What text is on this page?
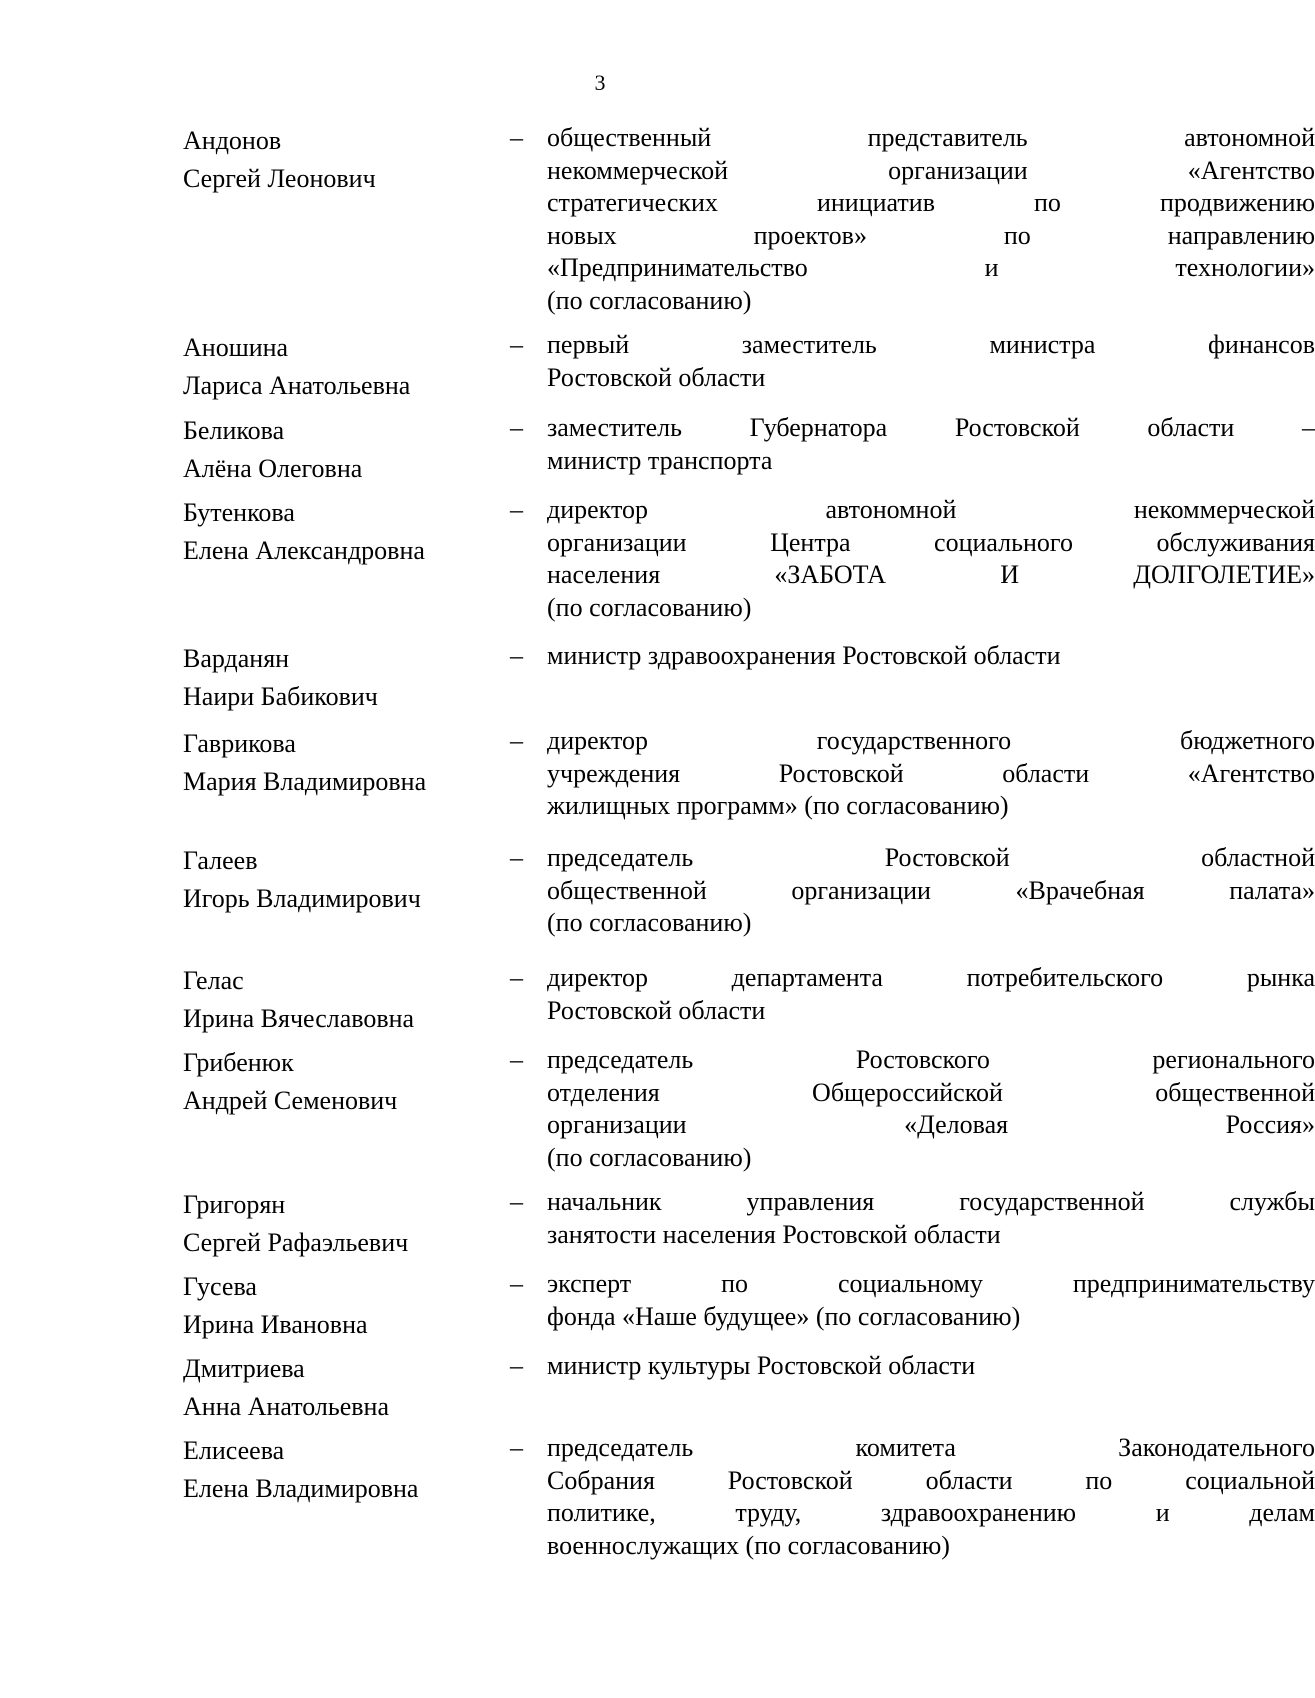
3
Андонов
Сергей Леонович
– общественный представитель автономной
некоммерческой организации «Агентство
стратегических инициатив по продвижению
новых проектов» по направлению
«Предпринимательство и технологии»
(по согласованию)
Аношина
Лариса Анатольевна
– первый заместитель министра финансов
Ростовской области
Беликова
Алёна Олеговна
– заместитель Губернатора Ростовской области –
министр транспорта
Бутенкова
Елена Александровна
– директор автономной некоммерческой
организации Центра социального обслуживания
населения «ЗАБОТА И ДОЛГОЛЕТИЕ»
(по согласованию)
Варданян
Наири Бабикович
– министр здравоохранения Ростовской области
Гаврикова
Мария Владимировна
– директор государственного бюджетного
учреждения Ростовской области «Агентство
жилищных программ» (по согласованию)
Галеев
Игорь Владимирович
– председатель Ростовской областной
общественной организации «Врачебная палата»
(по согласованию)
Гелас
Ирина Вячеславовна
– директор департамента потребительского рынка
Ростовской области
Грибенюк
Андрей Семенович
– председатель Ростовского регионального
отделения Общероссийской общественной
организации «Деловая Россия»
(по согласованию)
Григорян
Сергей Рафаэльевич
– начальник управления государственной службы
занятости населения Ростовской области
Гусева
Ирина Ивановна
– эксперт по социальному предпринимательству
фонда «Наше будущее» (по согласованию)
Дмитриева
Анна Анатольевна
– министр культуры Ростовской области
Елисеева
Елена Владимировна
– председатель комитета Законодательного
Собрания Ростовской области по социальной
политике, труду, здравоохранению и делам
военнослужащих (по согласованию)
